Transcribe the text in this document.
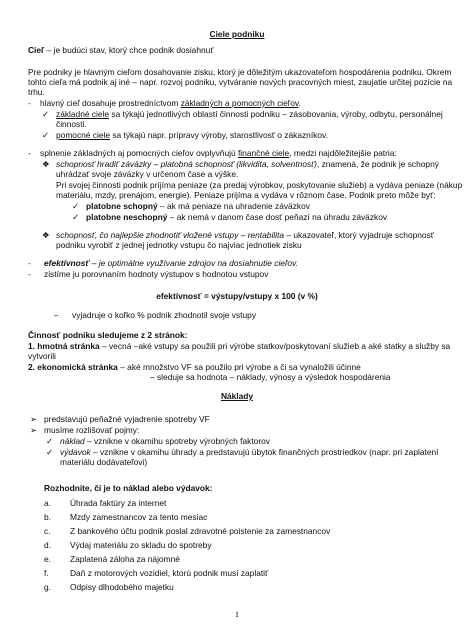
Ciele podniku
Cieľ – je budúci stav, ktorý chce podnik dosiahnuť
Pre podniky je hlavným cieľom dosahovanie zisku, ktorý je dôležitým ukazovateľom hospodárenia podniku. Okrem
tohto cieľa má podnik aj iné – napr. rozvoj podniku, vytváranie nových pracovných miest, zaujatie určitej pozície na
trhu.
- hlavný cieľ dosahuje prostredníctvom základných a pomocných cieľov.
✓ základné ciele sa týkajú jednotlivých oblastí činnosti podniku – zásobovania, výroby, odbytu, personálnej
činnosti.
✓ pomocné ciele sa týkajú napr. prípravy výroby, starostlivosť o zákazníkov.
- splnenie základných aj pomocných cieľov ovplyvňujú finančné ciele, medzi najdôležitejšie patria:
❖ schopnosť hradiť záväzky – platobná schopnosť (likvidita, solventnosť), znamená, že podnik je schopný
uhrádzať svoje záväzky v určenom čase a výške.
Pri svojej činnosti podnik príjíma peniaze (za predaj výrobkov, poskytovanie služieb) a vydáva peniaze (nákup
materiálu, mzdy, prenájom, energie). Peniaze prijíma a vydáva v rôznom čase. Podnik preto môže byť:
✓ platobne schopný – ak má peniaze na uhradenie záväzkov
✓ platobne neschopný – ak nemá v danom čase dosť peňazí na úhradu záväzkov
❖ schopnosť, čo najlepšie zhodnotiť vložené vstupy – rentabilita – ukazovateľ, ktorý vyjadruje schopnosť
podniku vyrobiť z jednej jednotky vstupu čo najviac jednotiek zisku
- efektívnosť – je optimálne využívanie zdrojov na dosiahnutie cieľov.
- zistíme ju porovnaním hodnoty výstupov s hodnotou vstupov
efektívnosť = výstupy/vstupy x 100 (v %)
– vyjadruje o koľko % podnik zhodnotil svoje vstupy
Činnosť podniku sledujeme z 2 stránok:
1. hmotná stránka – vecná –aké vstupy sa použili pri výrobe statkov/poskytovaní služieb a aké statky a služby sa
vytvorili
2. ekonomická stránka – aké množstvo VF sa použilo pri výrobe a či sa vynaložili účinne
– sleduje sa hodnota – náklady, výnosy a výsledok hospodárenia
Náklady
➢ predstavujú peňažné vyjadrenie spotreby VF
➢ musíme rozlišovať pojmy:
✓ náklad – vznikne v okamihu spotreby výrobných faktorov
✓ výdavok – vznikne v okamihu úhrady a predstavujú úbytok finančných prostriedkov (napr. pri zaplatení
materiálu dodávateľovi)
Rozhodnite, či je to náklad alebo výdavok:
a. Úhrada faktúry za internet
b. Mzdy zamestnancov za tento mesiac
c. Z bankového účtu podnik poslal zdravotné poistenie za zamestnancov
d. Výdaj materiálu zo skladu do spotreby
e. Zaplatená záloha za nájomné
f.	Daň z motorových vozidiel, ktorú podnik musí zaplatiť
g. Odpisy dlhodobého majetku
1
